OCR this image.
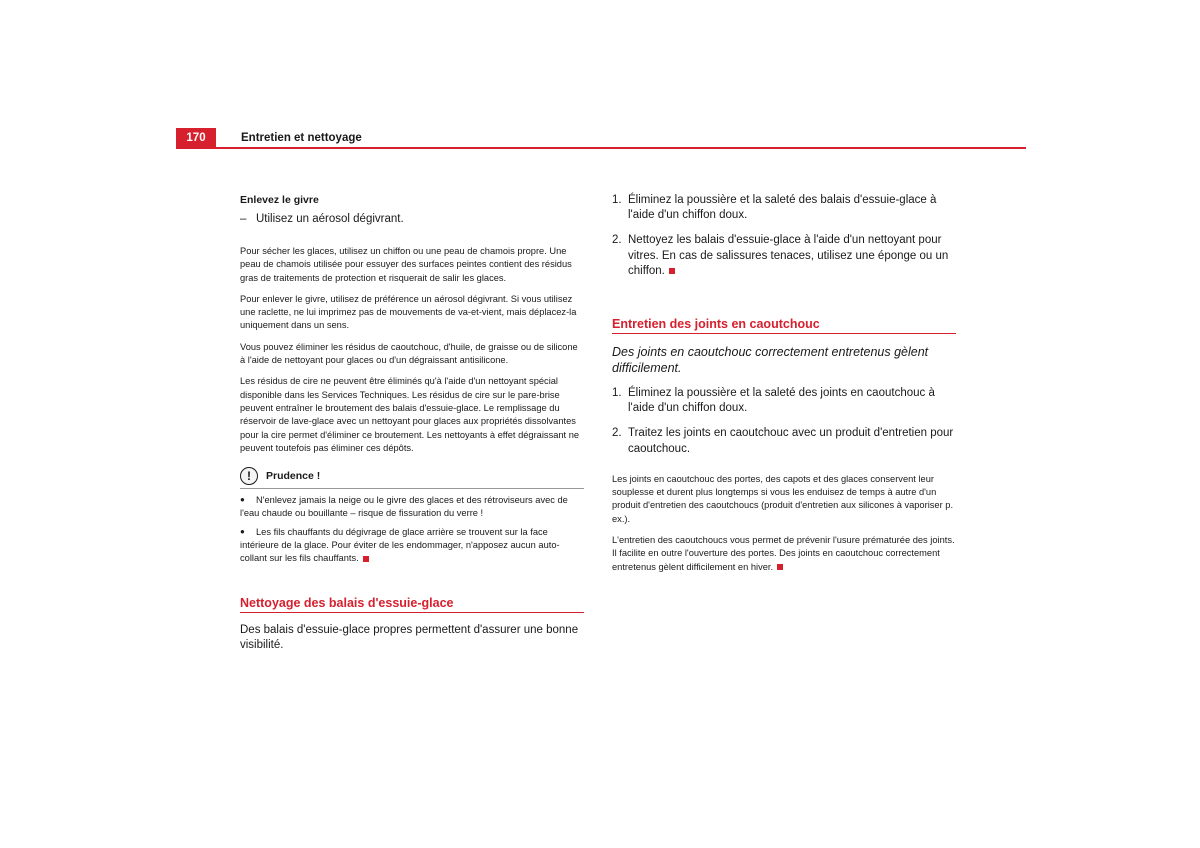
170	Entretien et nettoyage
Enlevez le givre
– Utilisez un aérosol dégivrant.

Pour sécher les glaces, utilisez un chiffon ou une peau de chamois propre. Une peau de chamois utilisée pour essuyer des surfaces peintes contient des résidus gras de traitements de protection et risquerait de salir les glaces.

Pour enlever le givre, utilisez de préférence un aérosol dégivrant. Si vous utilisez une raclette, ne lui imprimez pas de mouvements de va-et-vient, mais déplacez-la uniquement dans un sens.

Vous pouvez éliminer les résidus de caoutchouc, d'huile, de graisse ou de silicone à l'aide de nettoyant pour glaces ou d'un dégraissant antisilicone.

Les résidus de cire ne peuvent être éliminés qu'à l'aide d'un nettoyant spécial disponible dans les Services Techniques. Les résidus de cire sur le pare-brise peuvent entraîner le broutement des balais d'essuie-glace. Le remplissage du réservoir de lave-glace avec un nettoyant pour glaces aux propriétés dissolvantes pour la cire permet d'éliminer ce broutement. Les nettoyants à effet dégraissant ne peuvent toutefois pas éliminer ces dépôts.

!	Prudence !

● N'enlevez jamais la neige ou le givre des glaces et des rétroviseurs avec de l'eau chaude ou bouillante – risque de fissuration du verre !

● Les fils chauffants du dégivrage de glace arrière se trouvent sur la face intérieure de la glace. Pour éviter de les endommager, n'apposez aucun auto-collant sur les fils chauffants.

Nettoyage des balais d'essuie-glace

Des balais d'essuie-glace propres permettent d'assurer une bonne visibilité.

1. Éliminez la poussière et la saleté des balais d'essuie-glace à l'aide d'un chiffon doux.
2. Nettoyez les balais d'essuie-glace à l'aide d'un nettoyant pour vitres. En cas de salissures tenaces, utilisez une éponge ou un chiffon.
Entretien des joints en caoutchouc

Des joints en caoutchouc correctement entretenus gèlent difficilement.

1. Éliminez la poussière et la saleté des joints en caoutchouc à l'aide d'un chiffon doux.
2. Traitez les joints en caoutchouc avec un produit d'entretien pour caoutchouc.

Les joints en caoutchouc des portes, des capots et des glaces conservent leur souplesse et durent plus longtemps si vous les enduisez de temps à autre d'un produit d'entretien des caoutchoucs (produit d'entretien aux silicones à vaporiser p. ex.).

L'entretien des caoutchoucs vous permet de prévenir l'usure prématurée des joints. Il facilite en outre l'ouverture des portes. Des joints en caoutchouc correctement entretenus gèlent difficilement en hiver.
